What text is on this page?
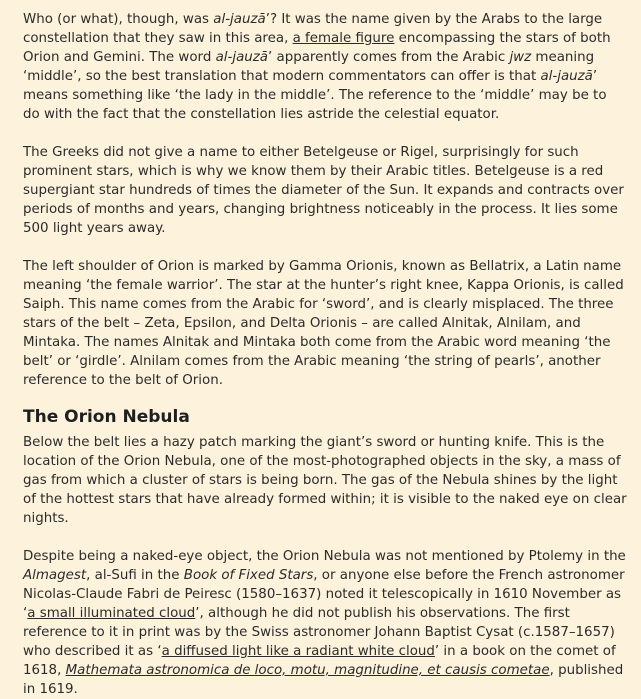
Who (or what), though, was al-jauzā’? It was the name given by the Arabs to the large constellation that they saw in this area, a female figure encompassing the stars of both Orion and Gemini. The word al-jauzā’ apparently comes from the Arabic jwz meaning ‘middle’, so the best translation that modern commentators can offer is that al-jauzā’ means something like ‘the lady in the middle’. The reference to the ‘middle’ may be to do with the fact that the constellation lies astride the celestial equator.

The Greeks did not give a name to either Betelgeuse or Rigel, surprisingly for such prominent stars, which is why we know them by their Arabic titles. Betelgeuse is a red supergiant star hundreds of times the diameter of the Sun. It expands and contracts over periods of months and years, changing brightness noticeably in the process. It lies some 500 light years away.

The left shoulder of Orion is marked by Gamma Orionis, known as Bellatrix, a Latin name meaning ‘the female warrior’. The star at the hunter’s right knee, Kappa Orionis, is called Saiph. This name comes from the Arabic for ‘sword’, and is clearly misplaced. The three stars of the belt – Zeta, Epsilon, and Delta Orionis – are called Alnitak, Alnilam, and Mintaka. The names Alnitak and Mintaka both come from the Arabic word meaning ‘the belt’ or ‘girdle’. Alnilam comes from the Arabic meaning ‘the string of pearls’, another reference to the belt of Orion.

The Orion Nebula

Below the belt lies a hazy patch marking the giant’s sword or hunting knife. This is the location of the Orion Nebula, one of the most-photographed objects in the sky, a mass of gas from which a cluster of stars is being born. The gas of the Nebula shines by the light of the hottest stars that have already formed within; it is visible to the naked eye on clear nights.

Despite being a naked-eye object, the Orion Nebula was not mentioned by Ptolemy in the Almagest, al-Sufi in the Book of Fixed Stars, or anyone else before the French astronomer Nicolas-Claude Fabri de Peiresc (1580–1637) noted it telescopically in 1610 November as ‘a small illuminated cloud’, although he did not publish his observations. The first reference to it in print was by the Swiss astronomer Johann Baptist Cysat (c.1587–1657) who described it as ‘a diffused light like a radiant white cloud’ in a book on the comet of 1618, Mathemata astronomica de loco, motu, magnitudine, et causis cometae, published in 1619.
